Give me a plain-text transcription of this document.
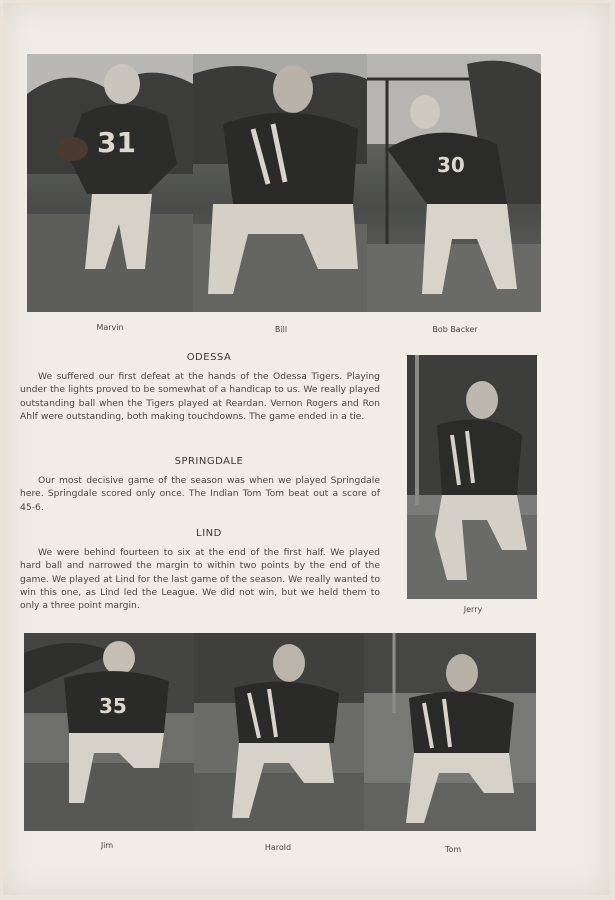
31
30
Marvin	Bill	Bob Backer
ODESSA
We suffered our first defeat at the hands of the Odessa Tigers. Playing under the lights proved to be somewhat of a handicap to us. We really played outstanding ball when the Tigers played at Reardan. Vernon Rogers and Ron Ahlf were outstanding, both making touchdowns. The game ended in a tie.
SPRINGDALE
Our most decisive game of the season was when we played Springdale here. Springdale scored only once. The Indian Tom Tom beat out a score of 45-6.
LIND
We were behind fourteen to six at the end of the first half. We played hard ball and narrowed the margin to within two points by the end of the game. We played at Lind for the last game of the season. We really wanted to win this one, as Lind led the League. We did not win, but we held them to only a three point margin.	Jerry
35
Jim	Harold	Tom
